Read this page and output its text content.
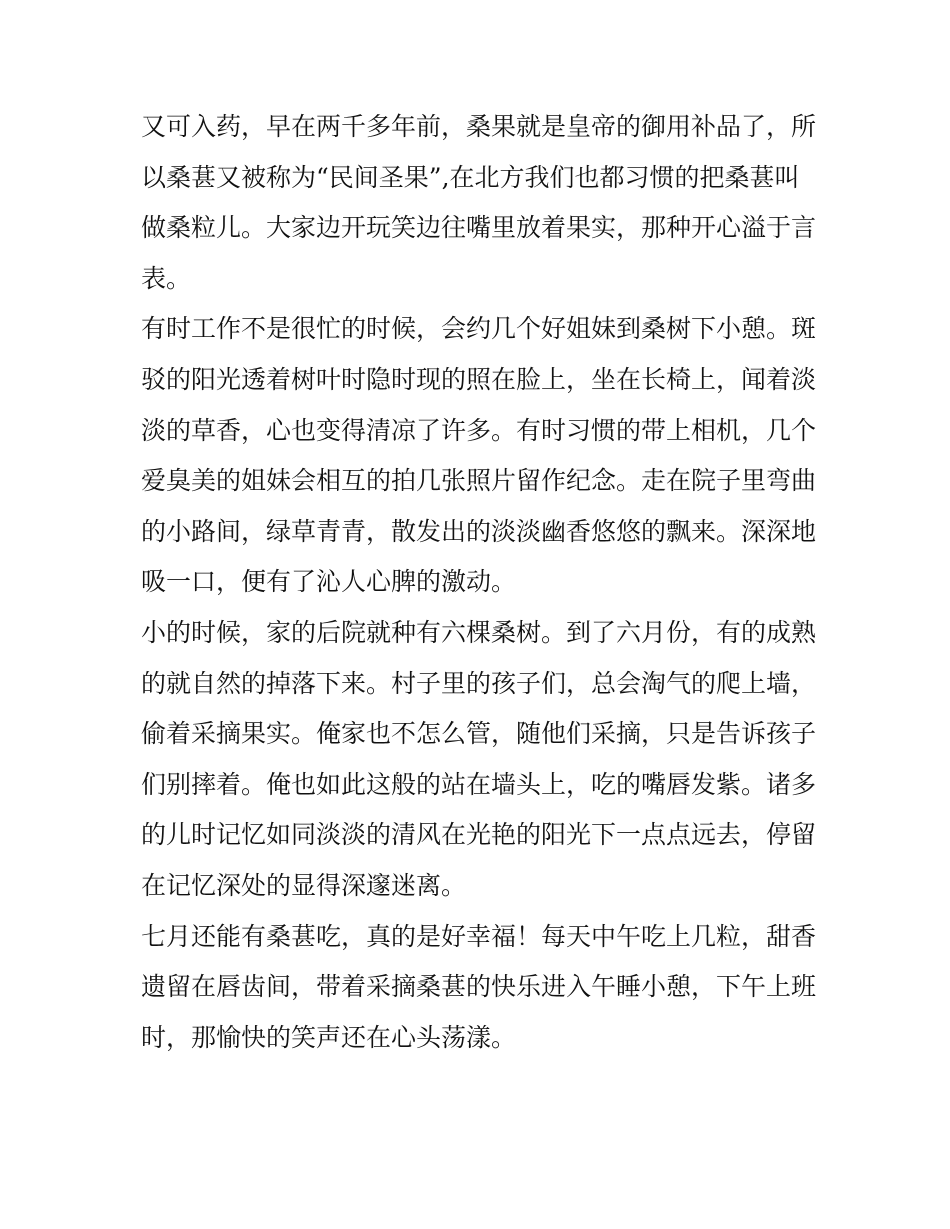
又可入药，早在两千多年前，桑果就是皇帝的御用补品了，所以桑葚又被称为“民间圣果”,在北方我们也都习惯的把桑葚叫做桑粒儿。大家边开玩笑边往嘴里放着果实，那种开心溢于言表。

有时工作不是很忙的时候，会约几个好姐妹到桑树下小憩。斑驳的阳光透着树叶时隐时现的照在脸上，坐在长椅上，闻着淡淡的草香，心也变得清凉了许多。有时习惯的带上相机，几个爱臭美的姐妹会相互的拍几张照片留作纪念。走在院子里弯曲的小路间，绿草青青，散发出的淡淡幽香悠悠的飘来。深深地吸一口，便有了沁人心脾的激动。

小的时候，家的后院就种有六棵桑树。到了六月份，有的成熟的就自然的掉落下来。村子里的孩子们，总会淘气的爬上墙，偷着采摘果实。俺家也不怎么管，随他们采摘，只是告诉孩子们别摔着。俺也如此这般的站在墙头上，吃的嘴唇发紫。诸多的儿时记忆如同淡淡的清风在光艳的阳光下一点点远去，停留在记忆深处的显得深邃迷离。

七月还能有桑葚吃，真的是好幸福！每天中午吃上几粒，甜香遗留在唇齿间，带着采摘桑葚的快乐进入午睡小憩，下午上班时，那愉快的笑声还在心头荡漾。
